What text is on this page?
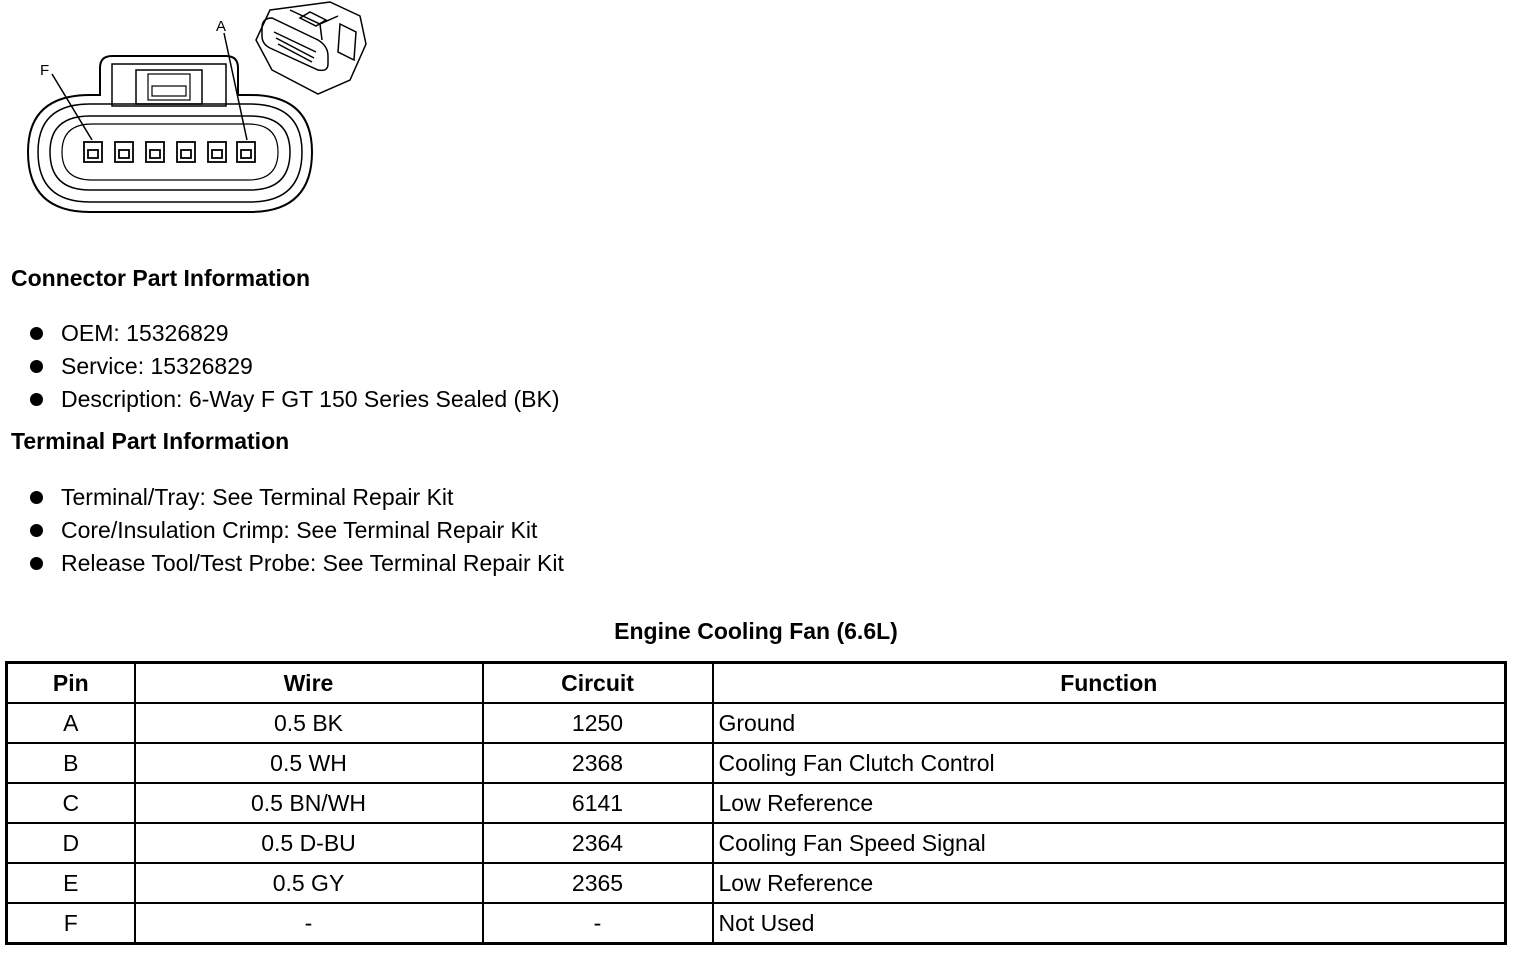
A
F
Connector Part Information
OEM: 15326829
Service: 15326829
Description: 6-Way F GT 150 Series Sealed (BK)
Terminal Part Information
Terminal/Tray: See Terminal Repair Kit
Core/Insulation Crimp: See Terminal Repair Kit
Release Tool/Test Probe: See Terminal Repair Kit
Engine Cooling Fan (6.6L)
Pin	Wire	Circuit	Function
A	0.5 BK	1250	Ground
B	0.5 WH	2368	Cooling Fan Clutch Control
C	0.5 BN/WH	6141	Low Reference
D	0.5 D-BU	2364	Cooling Fan Speed Signal
E	0.5 GY	2365	Low Reference
F	-	-	Not Used
